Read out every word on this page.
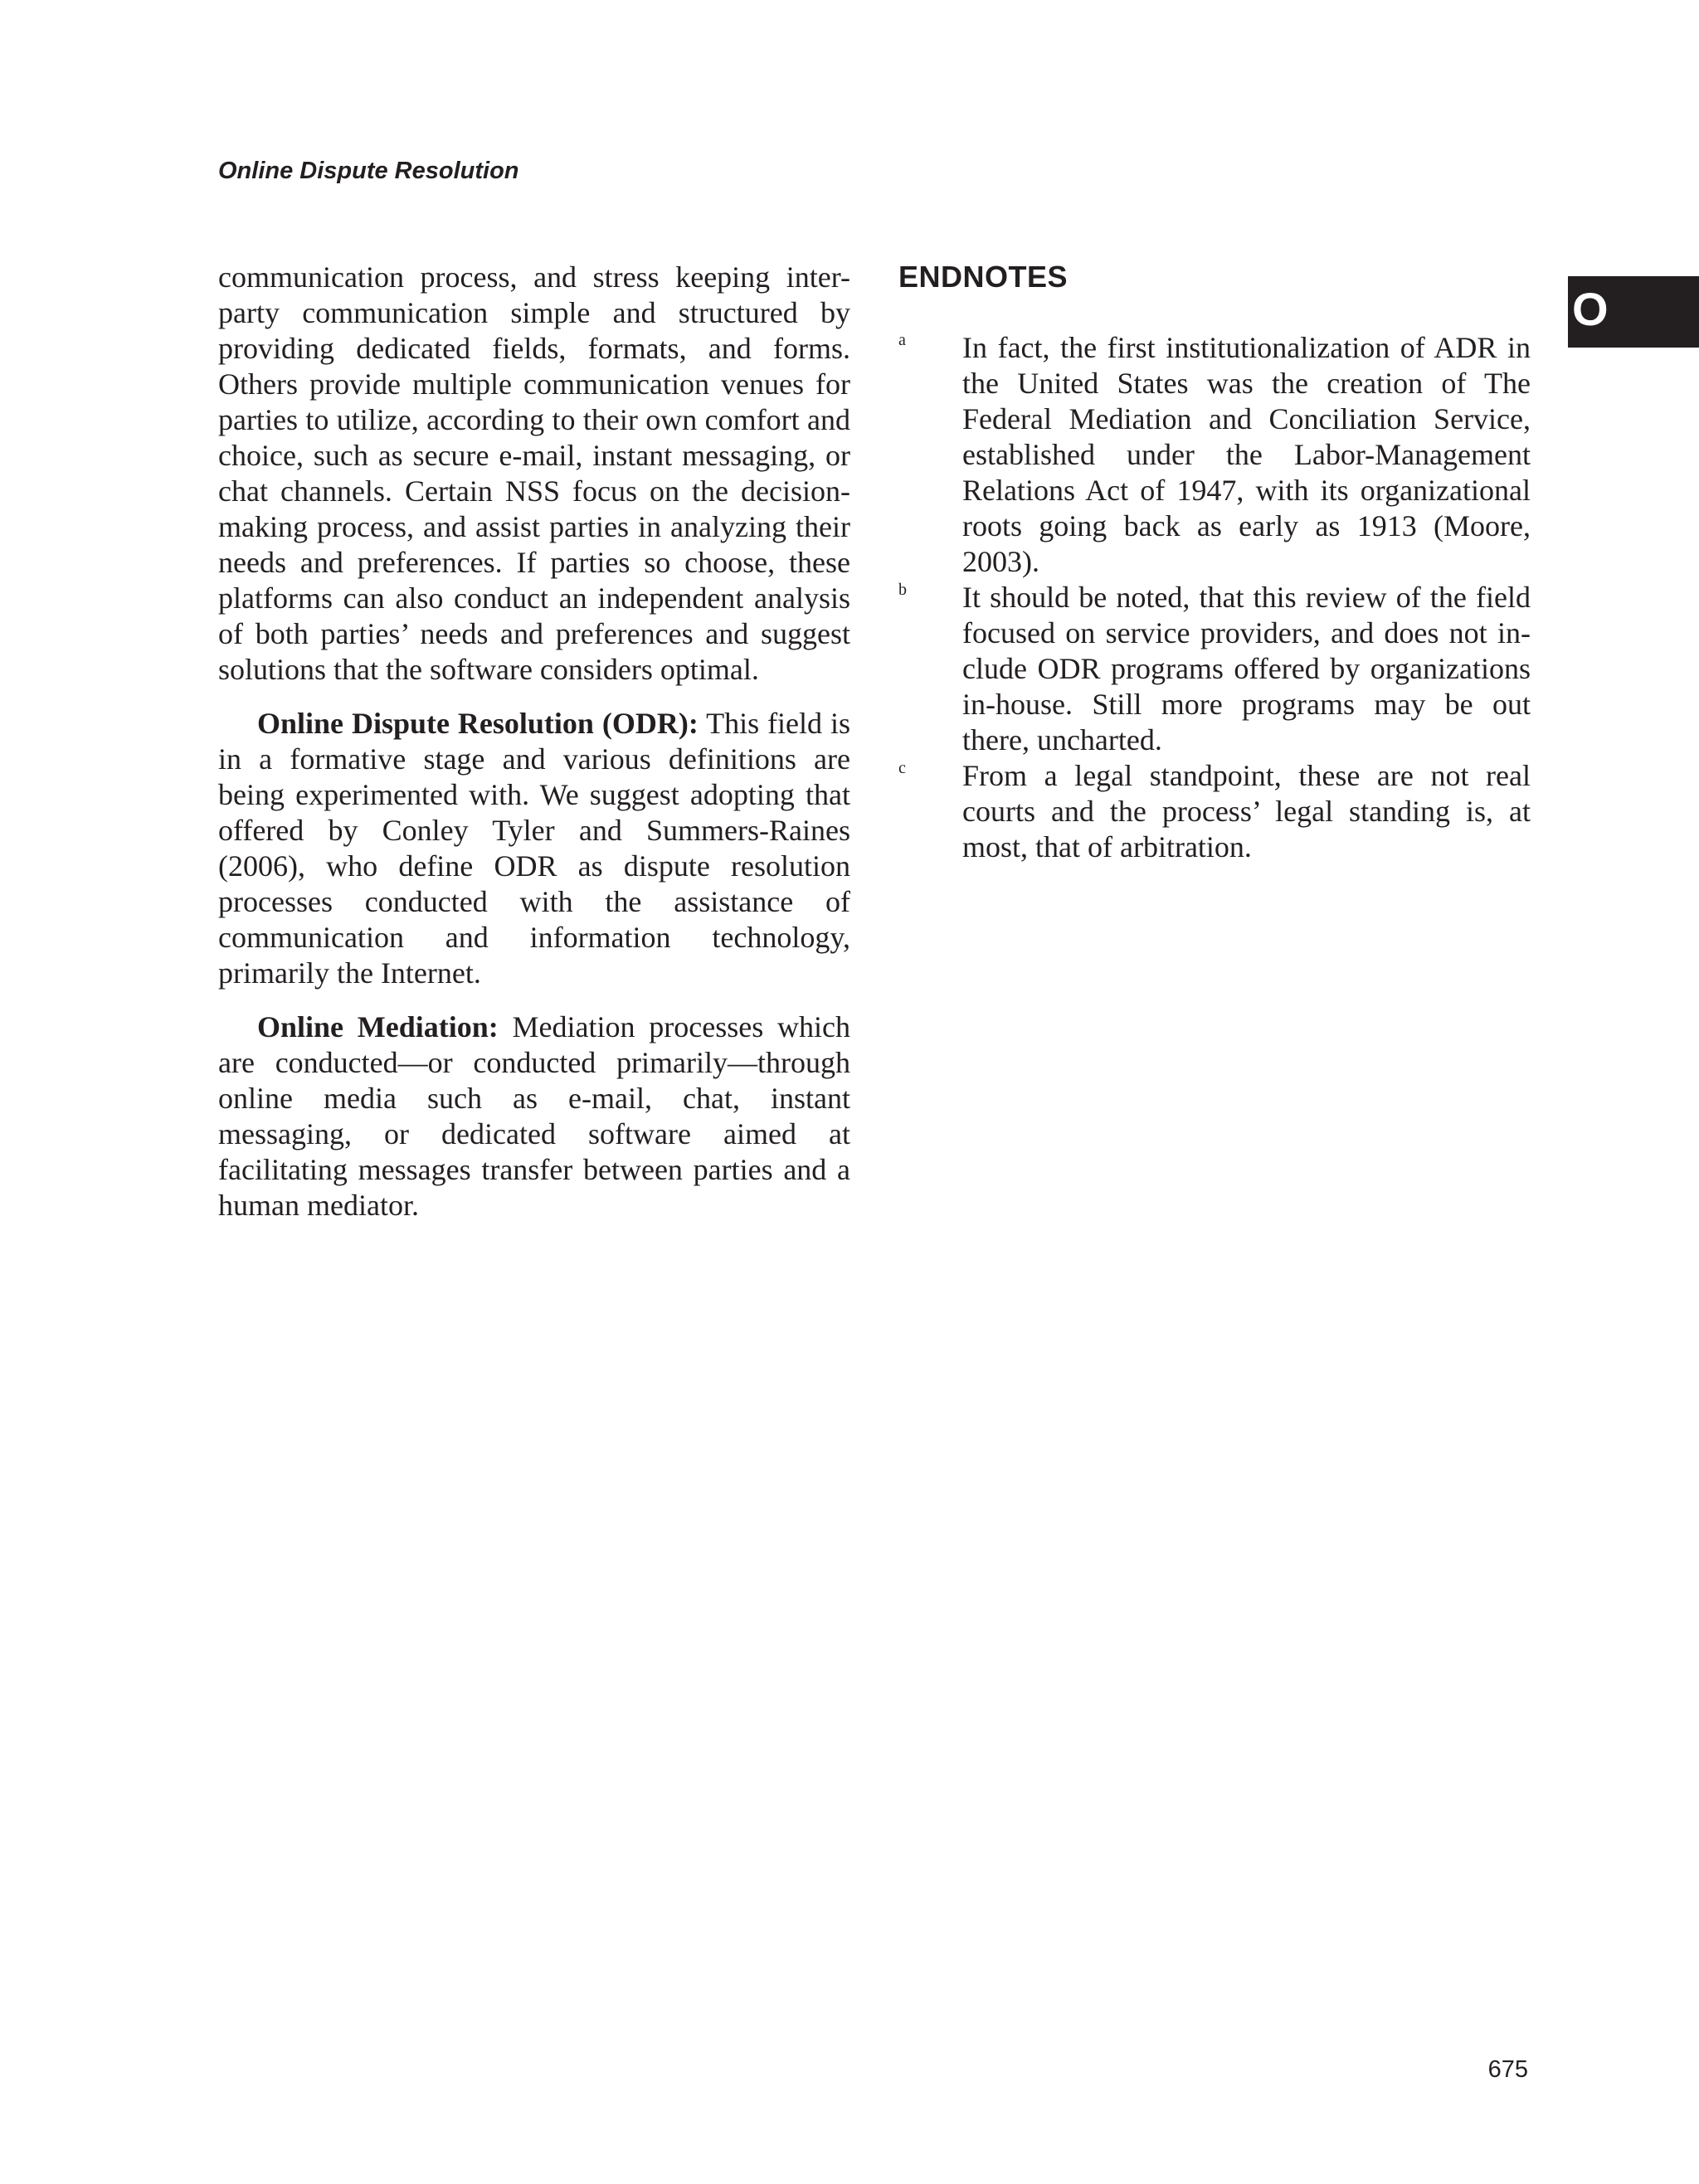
Online Dispute Resolution
O

communication process, and stress keeping inter-party communication simple and structured by providing dedicated fields, formats, and forms. Others provide multiple communication venues for parties to utilize, according to their own comfort and choice, such as secure e-mail, instant messaging, or chat channels. Certain NSS focus on the decision-making process, and assist parties in analyzing their needs and preferences. If parties so choose, these platforms can also conduct an independent analysis of both parties’ needs and preferences and suggest solutions that the software considers optimal.

Online Dispute Resolution (ODR): This field is in a formative stage and various definitions are being experimented with. We suggest adopting that offered by Conley Tyler and Summers-Raines (2006), who define ODR as dispute resolution processes conducted with the assistance of communication and information technology, primarily the Internet.

Online Mediation: Mediation processes which are conducted—or conducted primarily—through online media such as e-mail, chat, instant messaging, or dedicated software aimed at facilitating messages transfer between parties and a human mediator.

ENDNOTES
a In fact, the first institutionalization of ADR in the United States was the creation of The Federal Mediation and Conciliation Service, established under the Labor-Management Relations Act of 1947, with its organizational roots going back as early as 1913 (Moore, 2003).
b It should be noted, that this review of the field focused on service providers, and does not include ODR programs offered by organizations in-house. Still more programs may be out there, uncharted.
c From a legal standpoint, these are not real courts and the process’ legal standing is, at most, that of arbitration.
675
